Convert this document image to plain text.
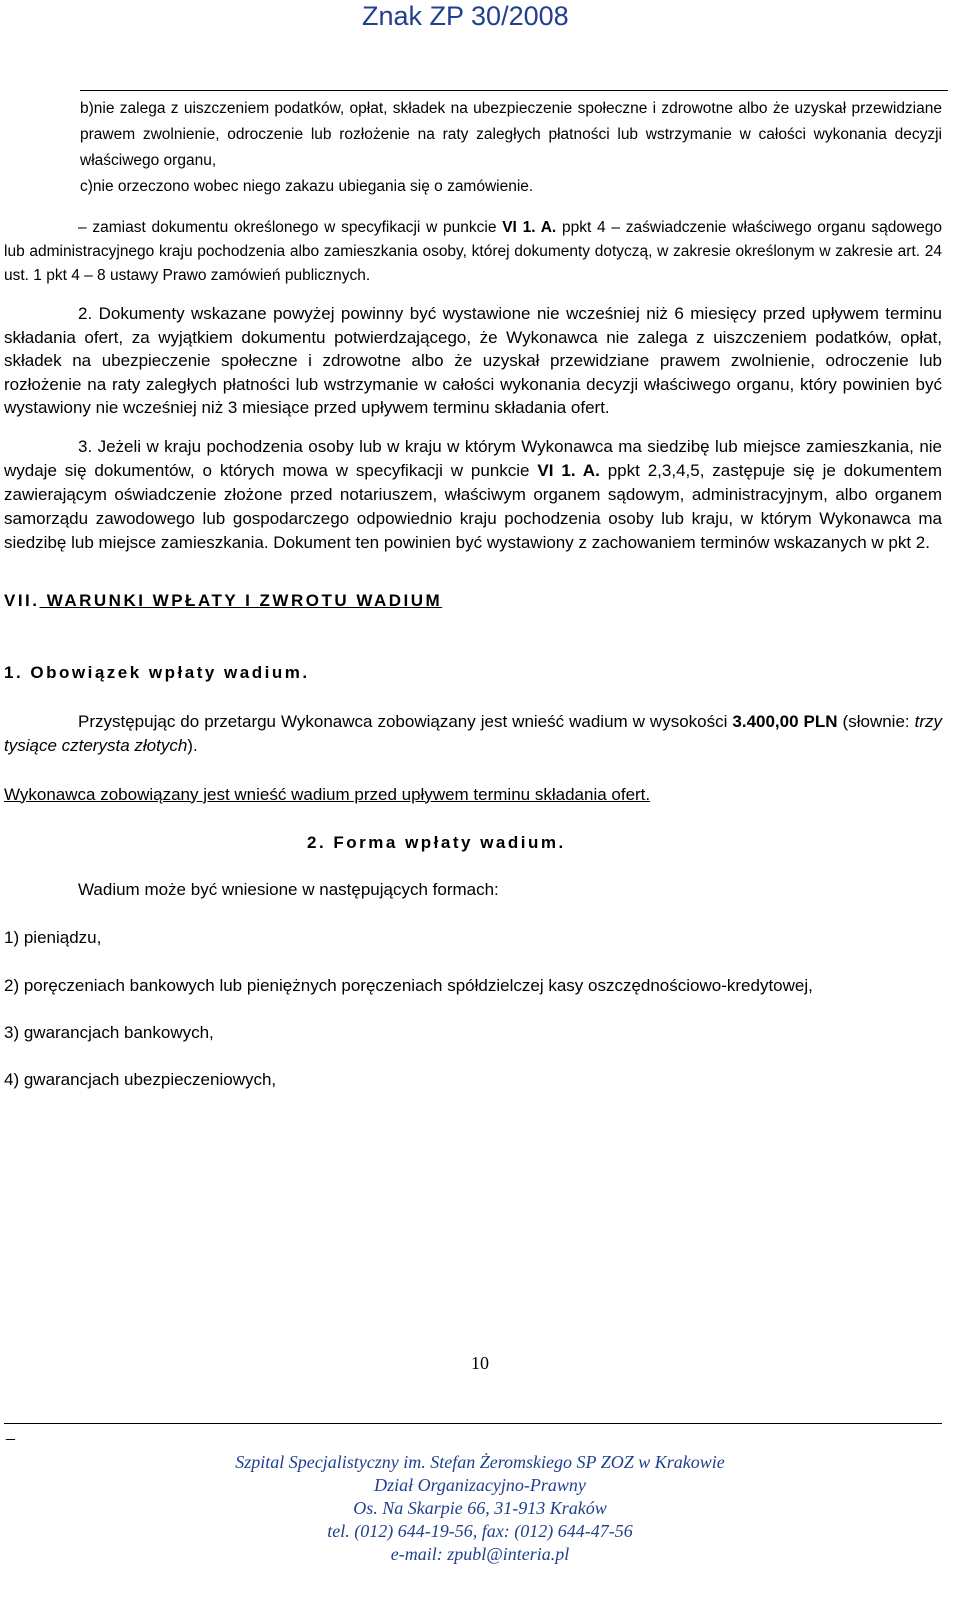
Znak ZP 30/2008

b)nie zalega z uiszczeniem podatków, opłat, składek na ubezpieczenie społeczne i zdrowotne albo że uzyskał przewidziane prawem zwolnienie, odroczenie lub rozłożenie na raty zaległych płatności lub wstrzymanie w całości wykonania decyzji właściwego organu,

c)nie orzeczono wobec niego zakazu ubiegania się o zamówienie.

– zamiast dokumentu określonego w specyfikacji w punkcie VI 1. A. ppkt 4 – zaświadczenie właściwego organu sądowego lub administracyjnego kraju pochodzenia albo zamieszkania osoby, której dokumenty dotyczą, w zakresie określonym w zakresie art. 24 ust. 1 pkt 4 – 8 ustawy Prawo zamówień publicznych.

2. Dokumenty wskazane powyżej powinny być wystawione nie wcześniej niż 6 miesięcy przed upływem terminu składania ofert, za wyjątkiem dokumentu potwierdzającego, że Wykonawca nie zalega z uiszczeniem podatków, opłat, składek na ubezpieczenie społeczne i zdrowotne albo że uzyskał przewidziane prawem zwolnienie, odroczenie lub rozłożenie na raty zaległych płatności lub wstrzymanie w całości wykonania decyzji właściwego organu, który powinien być wystawiony nie wcześniej niż 3 miesiące przed upływem terminu składania ofert.

3. Jeżeli w kraju pochodzenia osoby lub w kraju w którym Wykonawca ma siedzibę lub miejsce zamieszkania, nie wydaje się dokumentów, o których mowa w specyfikacji w punkcie VI 1. A. ppkt 2,3,4,5, zastępuje się je dokumentem zawierającym oświadczenie złożone przed notariuszem, właściwym organem sądowym, administracyjnym, albo organem samorządu zawodowego lub gospodarczego odpowiednio kraju pochodzenia osoby lub kraju, w którym Wykonawca ma siedzibę lub miejsce zamieszkania. Dokument ten powinien być wystawiony z zachowaniem terminów wskazanych w pkt 2.

VII. WARUNKI WPŁATY I ZWROTU WADIUM

1. Obowiązek wpłaty wadium.

Przystępując do przetargu Wykonawca zobowiązany jest wnieść wadium w wysokości 3.400,00 PLN (słownie: trzy tysiące czterysta złotych).

Wykonawca zobowiązany jest wnieść wadium przed upływem terminu składania ofert.

2. Forma wpłaty wadium.

Wadium może być wniesione w następujących formach:

1) pieniądzu,

2) poręczeniach bankowych lub pieniężnych poręczeniach spółdzielczej kasy oszczędnościowo-kredytowej,

3) gwarancjach bankowych,

4) gwarancjach ubezpieczeniowych,

10
_
Szpital Specjalistyczny im. Stefan Żeromskiego SP ZOZ w Krakowie
Dział Organizacyjno-Prawny
Os. Na Skarpie 66, 31-913 Kraków
tel. (012) 644-19-56, fax: (012) 644-47-56
e-mail: zpubl@interia.pl
